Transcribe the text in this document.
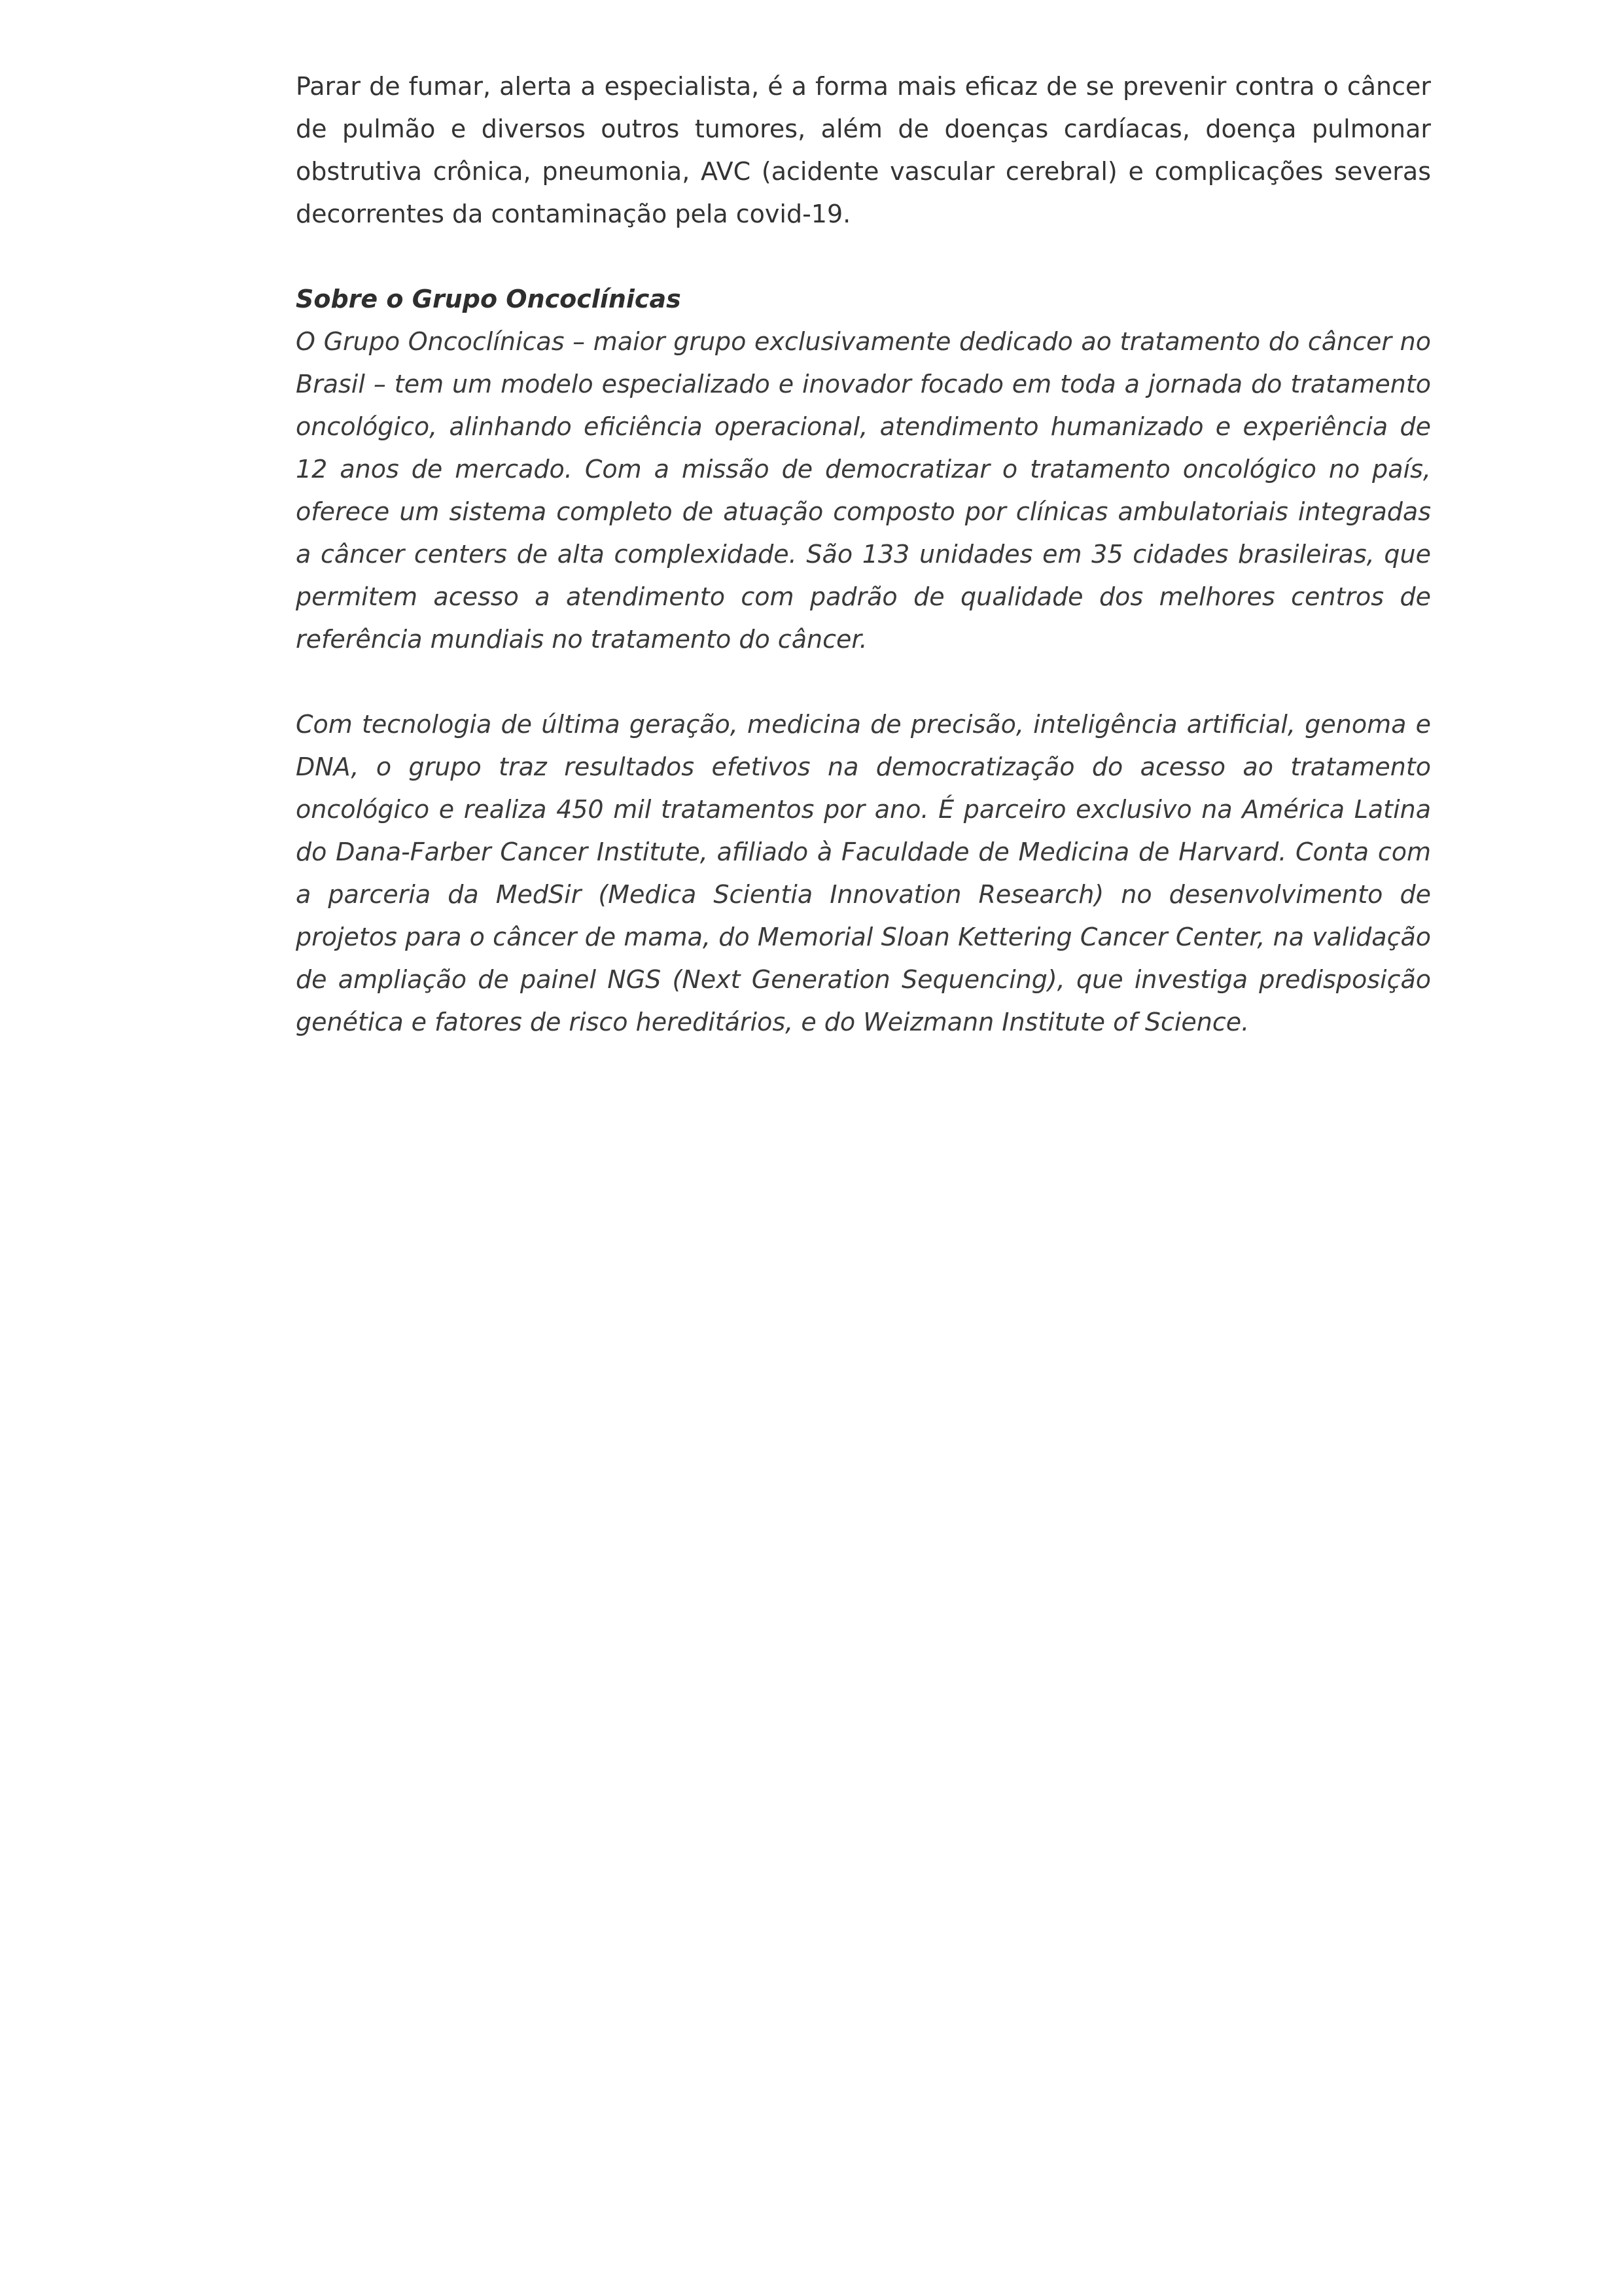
Parar de fumar, alerta a especialista, é a forma mais eficaz de se prevenir contra o câncer de pulmão e diversos outros tumores, além de doenças cardíacas, doença pulmonar obstrutiva crônica, pneumonia, AVC (acidente vascular cerebral) e complicações severas decorrentes da contaminação pela covid-19.

Sobre o Grupo Oncoclínicas

O Grupo Oncoclínicas – maior grupo exclusivamente dedicado ao tratamento do câncer no Brasil – tem um modelo especializado e inovador focado em toda a jornada do tratamento oncológico, alinhando eficiência operacional, atendimento humanizado e experiência de 12 anos de mercado. Com a missão de democratizar o tratamento oncológico no país, oferece um sistema completo de atuação composto por clínicas ambulatoriais integradas a câncer centers de alta complexidade. São 133 unidades em 35 cidades brasileiras, que permitem acesso a atendimento com padrão de qualidade dos melhores centros de referência mundiais no tratamento do câncer.

Com tecnologia de última geração, medicina de precisão, inteligência artificial, genoma e DNA, o grupo traz resultados efetivos na democratização do acesso ao tratamento oncológico e realiza 450 mil tratamentos por ano. É parceiro exclusivo na América Latina do Dana-Farber Cancer Institute, afiliado à Faculdade de Medicina de Harvard. Conta com a parceria da MedSir (Medica Scientia Innovation Research) no desenvolvimento de projetos para o câncer de mama, do Memorial Sloan Kettering Cancer Center, na validação de ampliação de painel NGS (Next Generation Sequencing), que investiga predisposição genética e fatores de risco hereditários, e do Weizmann Institute of Science.
